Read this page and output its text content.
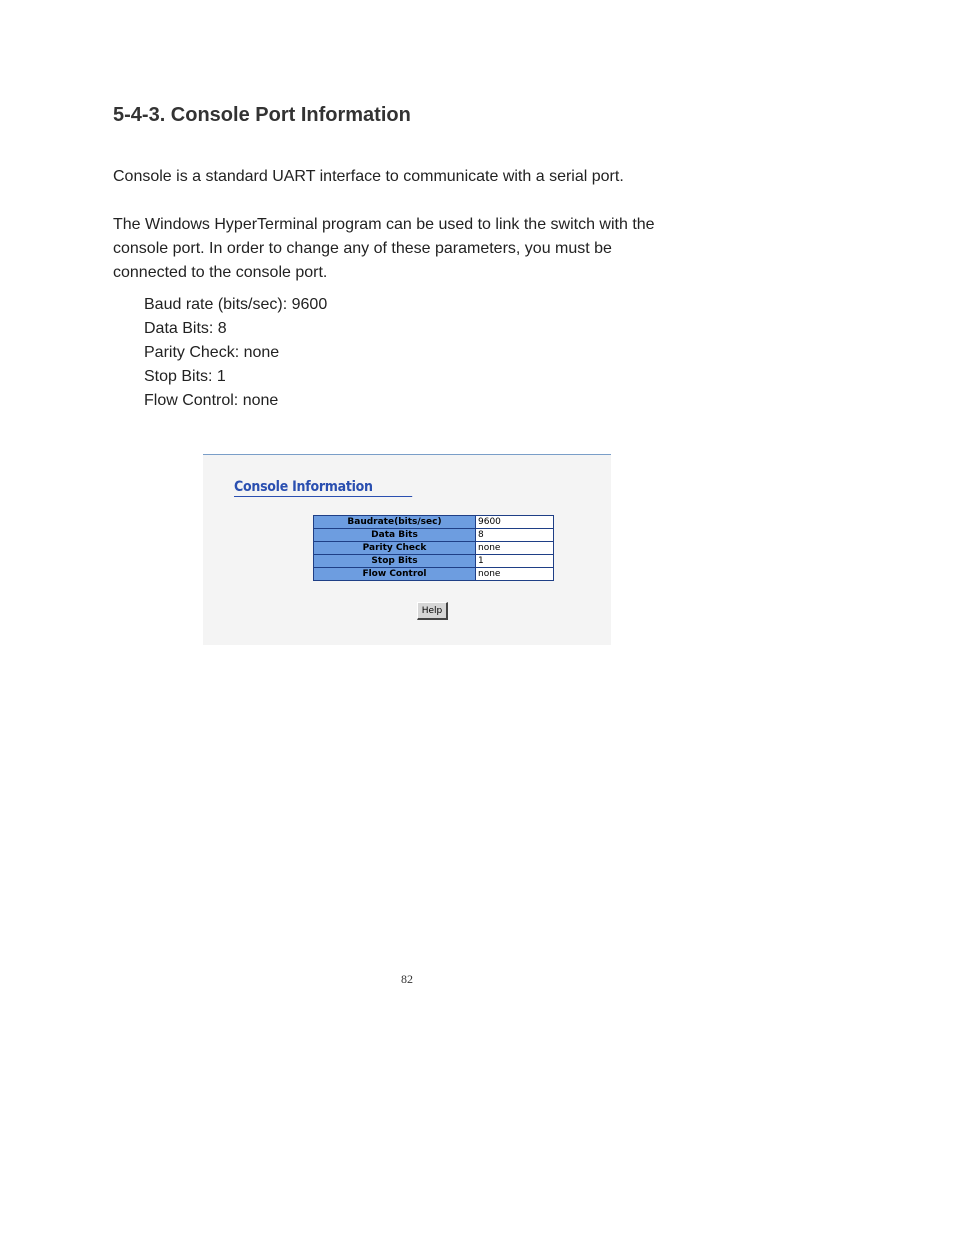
5-4-3. Console Port Information

Console is a standard UART interface to communicate with a serial port.

The Windows HyperTerminal program can be used to link the switch with the
console port. In order to change any of these parameters, you must be
connected to the console port.

Baud rate (bits/sec): 9600
Data Bits: 8
Parity Check: none
Stop Bits: 1
Flow Control: none
Console Information
Baudrate(bits/sec)	9600
Data Bits	8
Parity Check	none
Stop Bits	1
Flow Control	none
Help

82
